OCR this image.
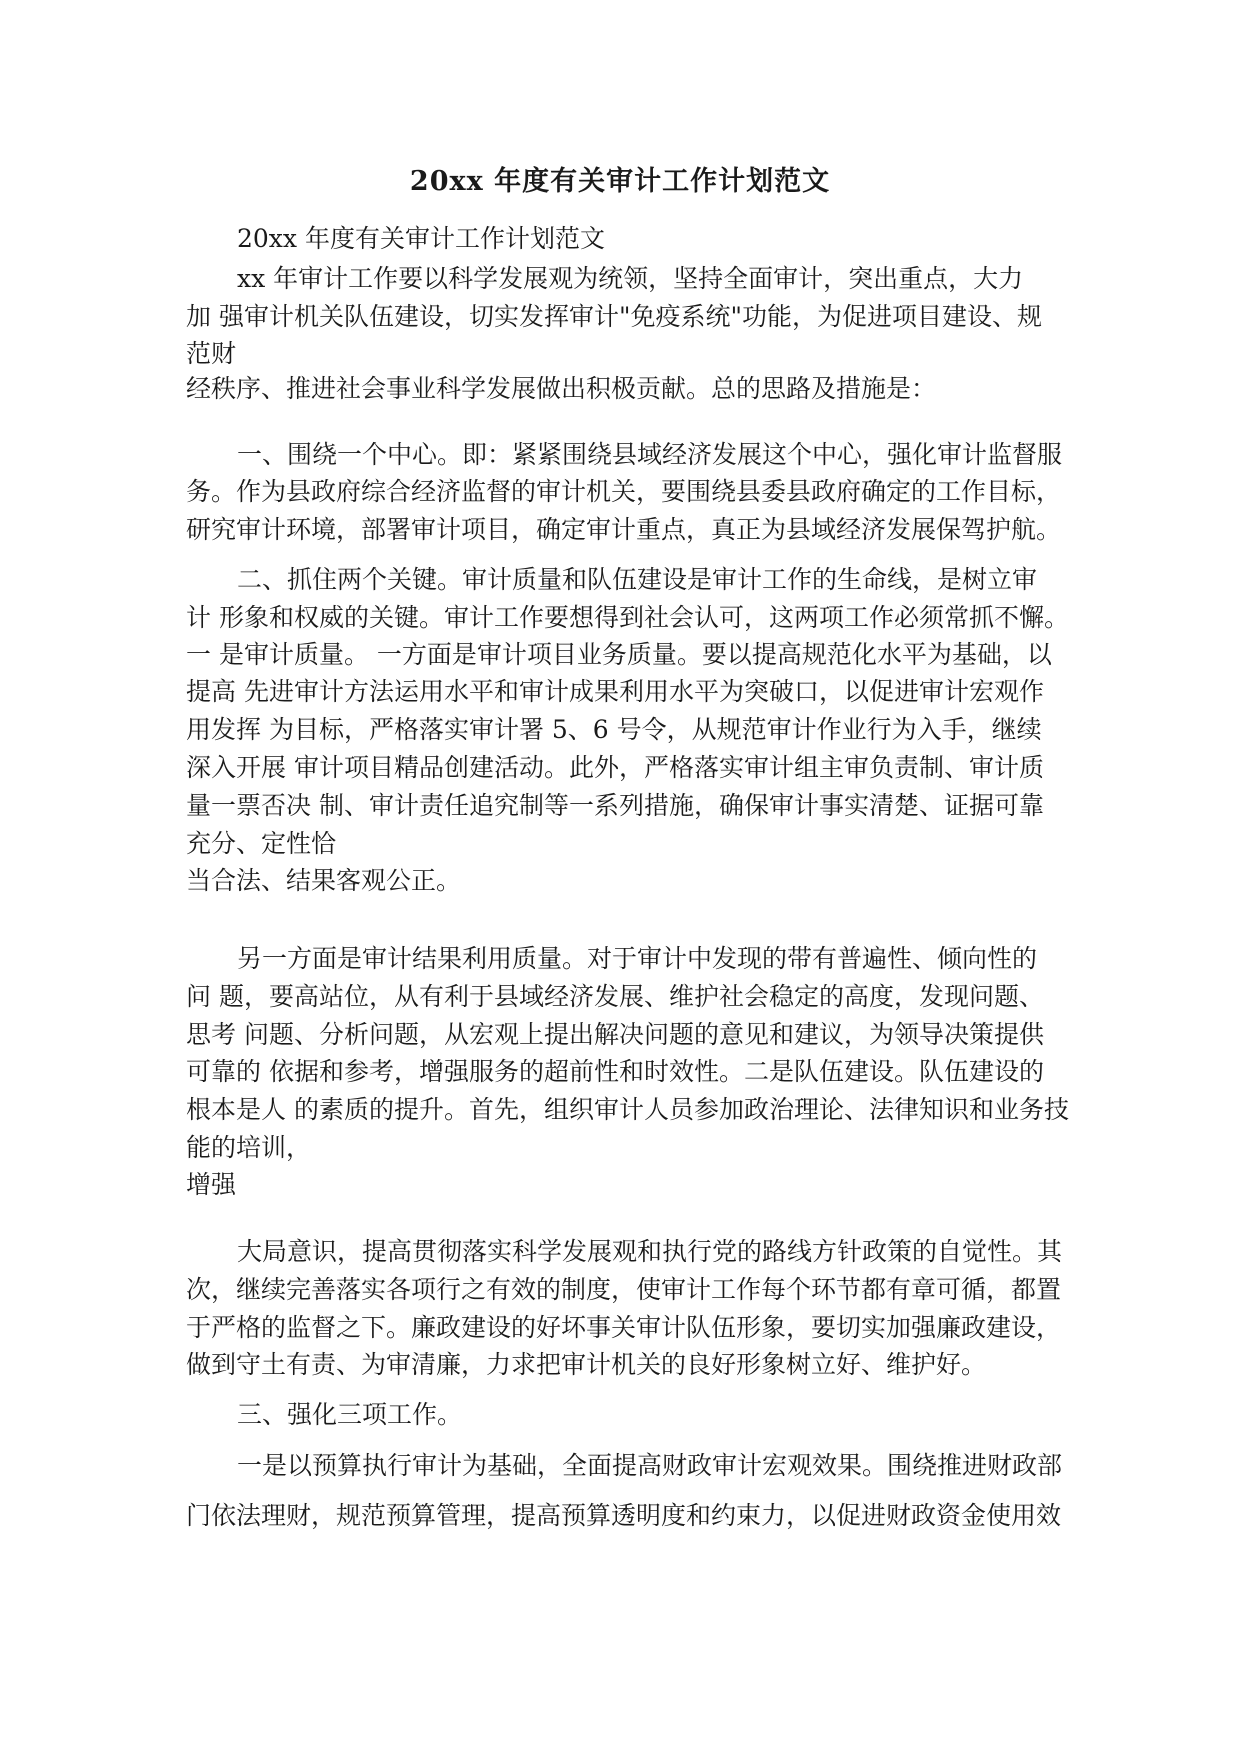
20xx 年度有关审计工作计划范文

20xx 年度有关审计工作计划范文

xx 年审计工作要以科学发展观为统领，坚持全面审计，突出重点，大力

加 强审计机关队伍建设，切实发挥审计"免疫系统"功能，为促进项目建设、规

范财

经秩序、推进社会事业科学发展做出积极贡献。总的思路及措施是：

一、围绕一个中心。即：紧紧围绕县域经济发展这个中心，强化审计监督服

务。作为县政府综合经济监督的审计机关，要围绕县委县政府确定的工作目标，

研究审计环境，部署审计项目，确定审计重点，真正为县域经济发展保驾护航。

二、抓住两个关键。审计质量和队伍建设是审计工作的生命线，是树立审

计 形象和权威的关键。审计工作要想得到社会认可，这两项工作必须常抓不懈。

一 是审计质量。 一方面是审计项目业务质量。要以提高规范化水平为基础，以

提高 先进审计方法运用水平和审计成果利用水平为突破口，以促进审计宏观作

用发挥 为目标，严格落实审计署 5、6 号令，从规范审计作业行为入手，继续

深入开展 审计项目精品创建活动。此外，严格落实审计组主审负责制、审计质

量一票否决 制、审计责任追究制等一系列措施，确保审计事实清楚、证据可靠

充分、定性恰

当合法、结果客观公正。

另一方面是审计结果利用质量。对于审计中发现的带有普遍性、倾向性的

问 题，要高站位，从有利于县域经济发展、维护社会稳定的高度，发现问题、

思考 问题、分析问题，从宏观上提出解决问题的意见和建议，为领导决策提供

可靠的 依据和参考，增强服务的超前性和时效性。二是队伍建设。队伍建设的

根本是人 的素质的提升。首先，组织审计人员参加政治理论、法律知识和业务技

能的培训，

增强

大局意识，提高贯彻落实科学发展观和执行党的路线方针政策的自觉性。其

次，继续完善落实各项行之有效的制度，使审计工作每个环节都有章可循，都置

于严格的监督之下。廉政建设的好坏事关审计队伍形象，要切实加强廉政建设，

做到守土有责、为审清廉，力求把审计机关的良好形象树立好、维护好。

三、强化三项工作。

一是以预算执行审计为基础，全面提高财政审计宏观效果。围绕推进财政部

门依法理财，规范预算管理，提高预算透明度和约束力，以促进财政资金使用效
